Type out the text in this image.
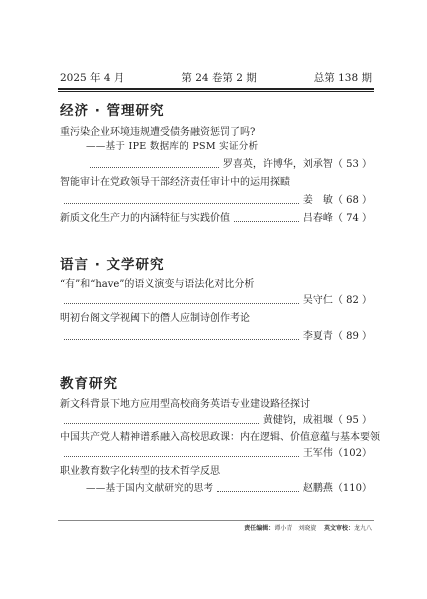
2025 年 4 月	第 24 卷第 2 期	总第 138 期
经济 · 管理研究
重污染企业环境违规遭受债务融资惩罚了吗?
——基于 IPE 数据库的 PSM 实证分析
罗喜英，许博华，刘承智 （ 53 ）
智能审计在党政领导干部经济责任审计中的运用探赜
姜　敏 （ 68 ）
新质文化生产力的内涵特征与实践价值	吕春峰 （ 74 ）
语言 · 文学研究
“有”和“have”的语义演变与语法化对比分析
吴守仁 （ 82 ）
明初台阁文学视阈下的僭人应制诗创作考论
李夏青 （ 89 ）
教育研究
新文科背景下地方应用型高校商务英语专业建设路径探讨
黄健钧，成祖堰 （ 95 ）
中国共产党人精神谱系融入高校思政课：内在逻辑、价值意蕴与基本要领
王军伟 （102）
职业教育数字化转型的技术哲学反思
——基于国内文献研究的思考	赵鹏燕 （110）
责任编辑：谭小青　刘晓旋 英文审校：龙九八
